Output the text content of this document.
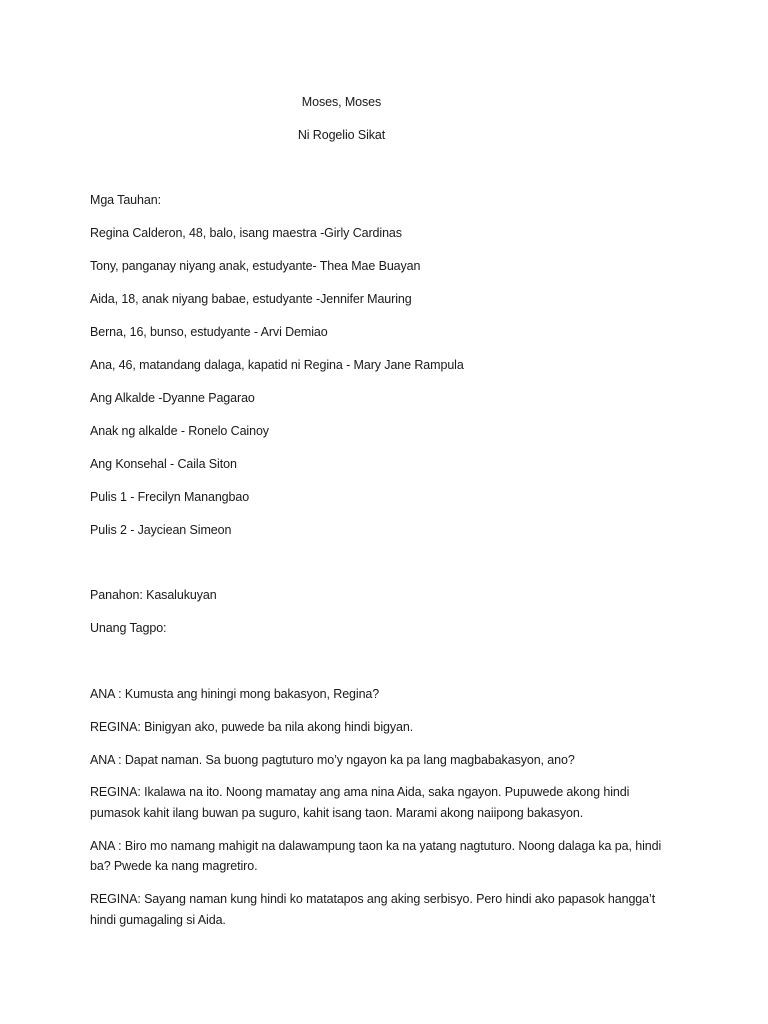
Moses, Moses
Ni Rogelio Sikat
Mga Tauhan:
Regina Calderon, 48, balo, isang maestra -Girly Cardinas
Tony, panganay niyang anak, estudyante- Thea Mae Buayan
Aida, 18, anak niyang babae, estudyante -Jennifer Mauring
Berna, 16, bunso, estudyante - Arvi Demiao
Ana, 46, matandang dalaga, kapatid ni Regina - Mary Jane Rampula
Ang Alkalde -Dyanne Pagarao
Anak ng alkalde - Ronelo Cainoy
Ang Konsehal - Caila Siton
Pulis 1 - Frecilyn Manangbao
Pulis 2 - Jayciean Simeon
Panahon: Kasalukuyan
Unang Tagpo:
ANA : Kumusta ang hiningi mong bakasyon, Regina?
REGINA: Binigyan ako, puwede ba nila akong hindi bigyan.
ANA : Dapat naman. Sa buong pagtuturo mo’y ngayon ka pa lang magbabakasyon, ano?
REGINA: Ikalawa na ito. Noong mamatay ang ama nina Aida, saka ngayon. Pupuwede akong hindi
pumasok kahit ilang buwan pa suguro, kahit isang taon. Marami akong naiipong bakasyon.
ANA : Biro mo namang mahigit na dalawampung taon ka na yatang nagtuturo. Noong dalaga ka pa, hindi
ba? Pwede ka nang magretiro.
REGINA: Sayang naman kung hindi ko matatapos ang aking serbisyo. Pero hindi ako papasok hangga’t
hindi gumagaling si Aida.
